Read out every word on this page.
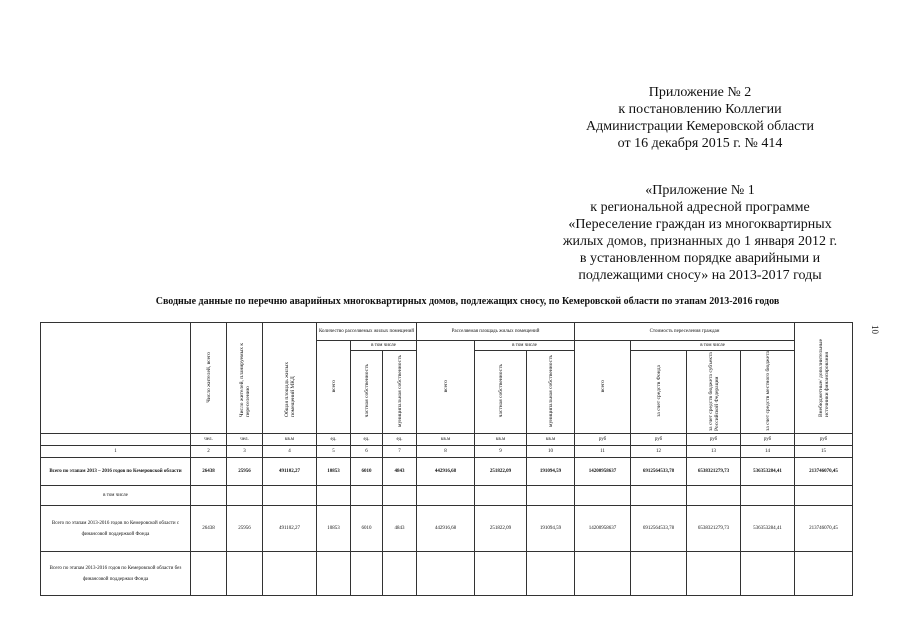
Приложение № 2
к постановлению Коллегии
Администрации Кемеровской области
от 16 декабря 2015 г. № 414
«Приложение № 1
к региональной адресной программе
«Переселение граждан из многоквартирных
жилых домов, признанных до 1 января 2012 г.
в установленном порядке аварийными и
подлежащими сносу» на 2013-2017 годы
Сводные данные по перечню аварийных многоквартирных домов, подлежащих сносу, по Кемеровской области по этапам 2013-2016 годов
10
	Число жителей, всего	Число жителей, планируемых к переселению	Общая площадь жилых помещений МКД	Количество расселяемых жилых помещений			Расселяемая площадь жилых помещений			Стоимость переселения граждан				Внебюджетные/ дополнительные источники финансирования
				всего	в том числе		всего	в том числе		всего	в том числе			
					частная собственность	муниципальная собственность		частная собственность	муниципальная собственность		за счет средств Фонда	за счет средств бюджета субъекта Российской Федерации	за счет средств местного бюджета	
	чел.	чел.	кв.м	ед.	ед.	ед.	кв.м	кв.м	кв.м	руб	руб	руб	руб	руб
1	2	3	4	5	6	7	8	9	10	11	12	13	14	15
Всего по этапам 2013 – 2016 годов по Кемеровской области	26438	25956	491102,27	10853	6010	4843	442916,68	251822,09	191094,59	14200958637	6912564533,78	6538321279,73	536353284,41	213746070,45
в том числе														
Всего по этапам 2013-2016 годов по Кемеровской области с финансовой поддержкой Фонда	26438	25956	491102,27	10853	6010	4843	442916,68	251822,09	191094,59	14200958637	6912564533,78	6538321279,73	536353284,41	213746070,45
Всего по этапам 2013-2016 годов по Кемеровской области без финансовой поддержки Фонда														
